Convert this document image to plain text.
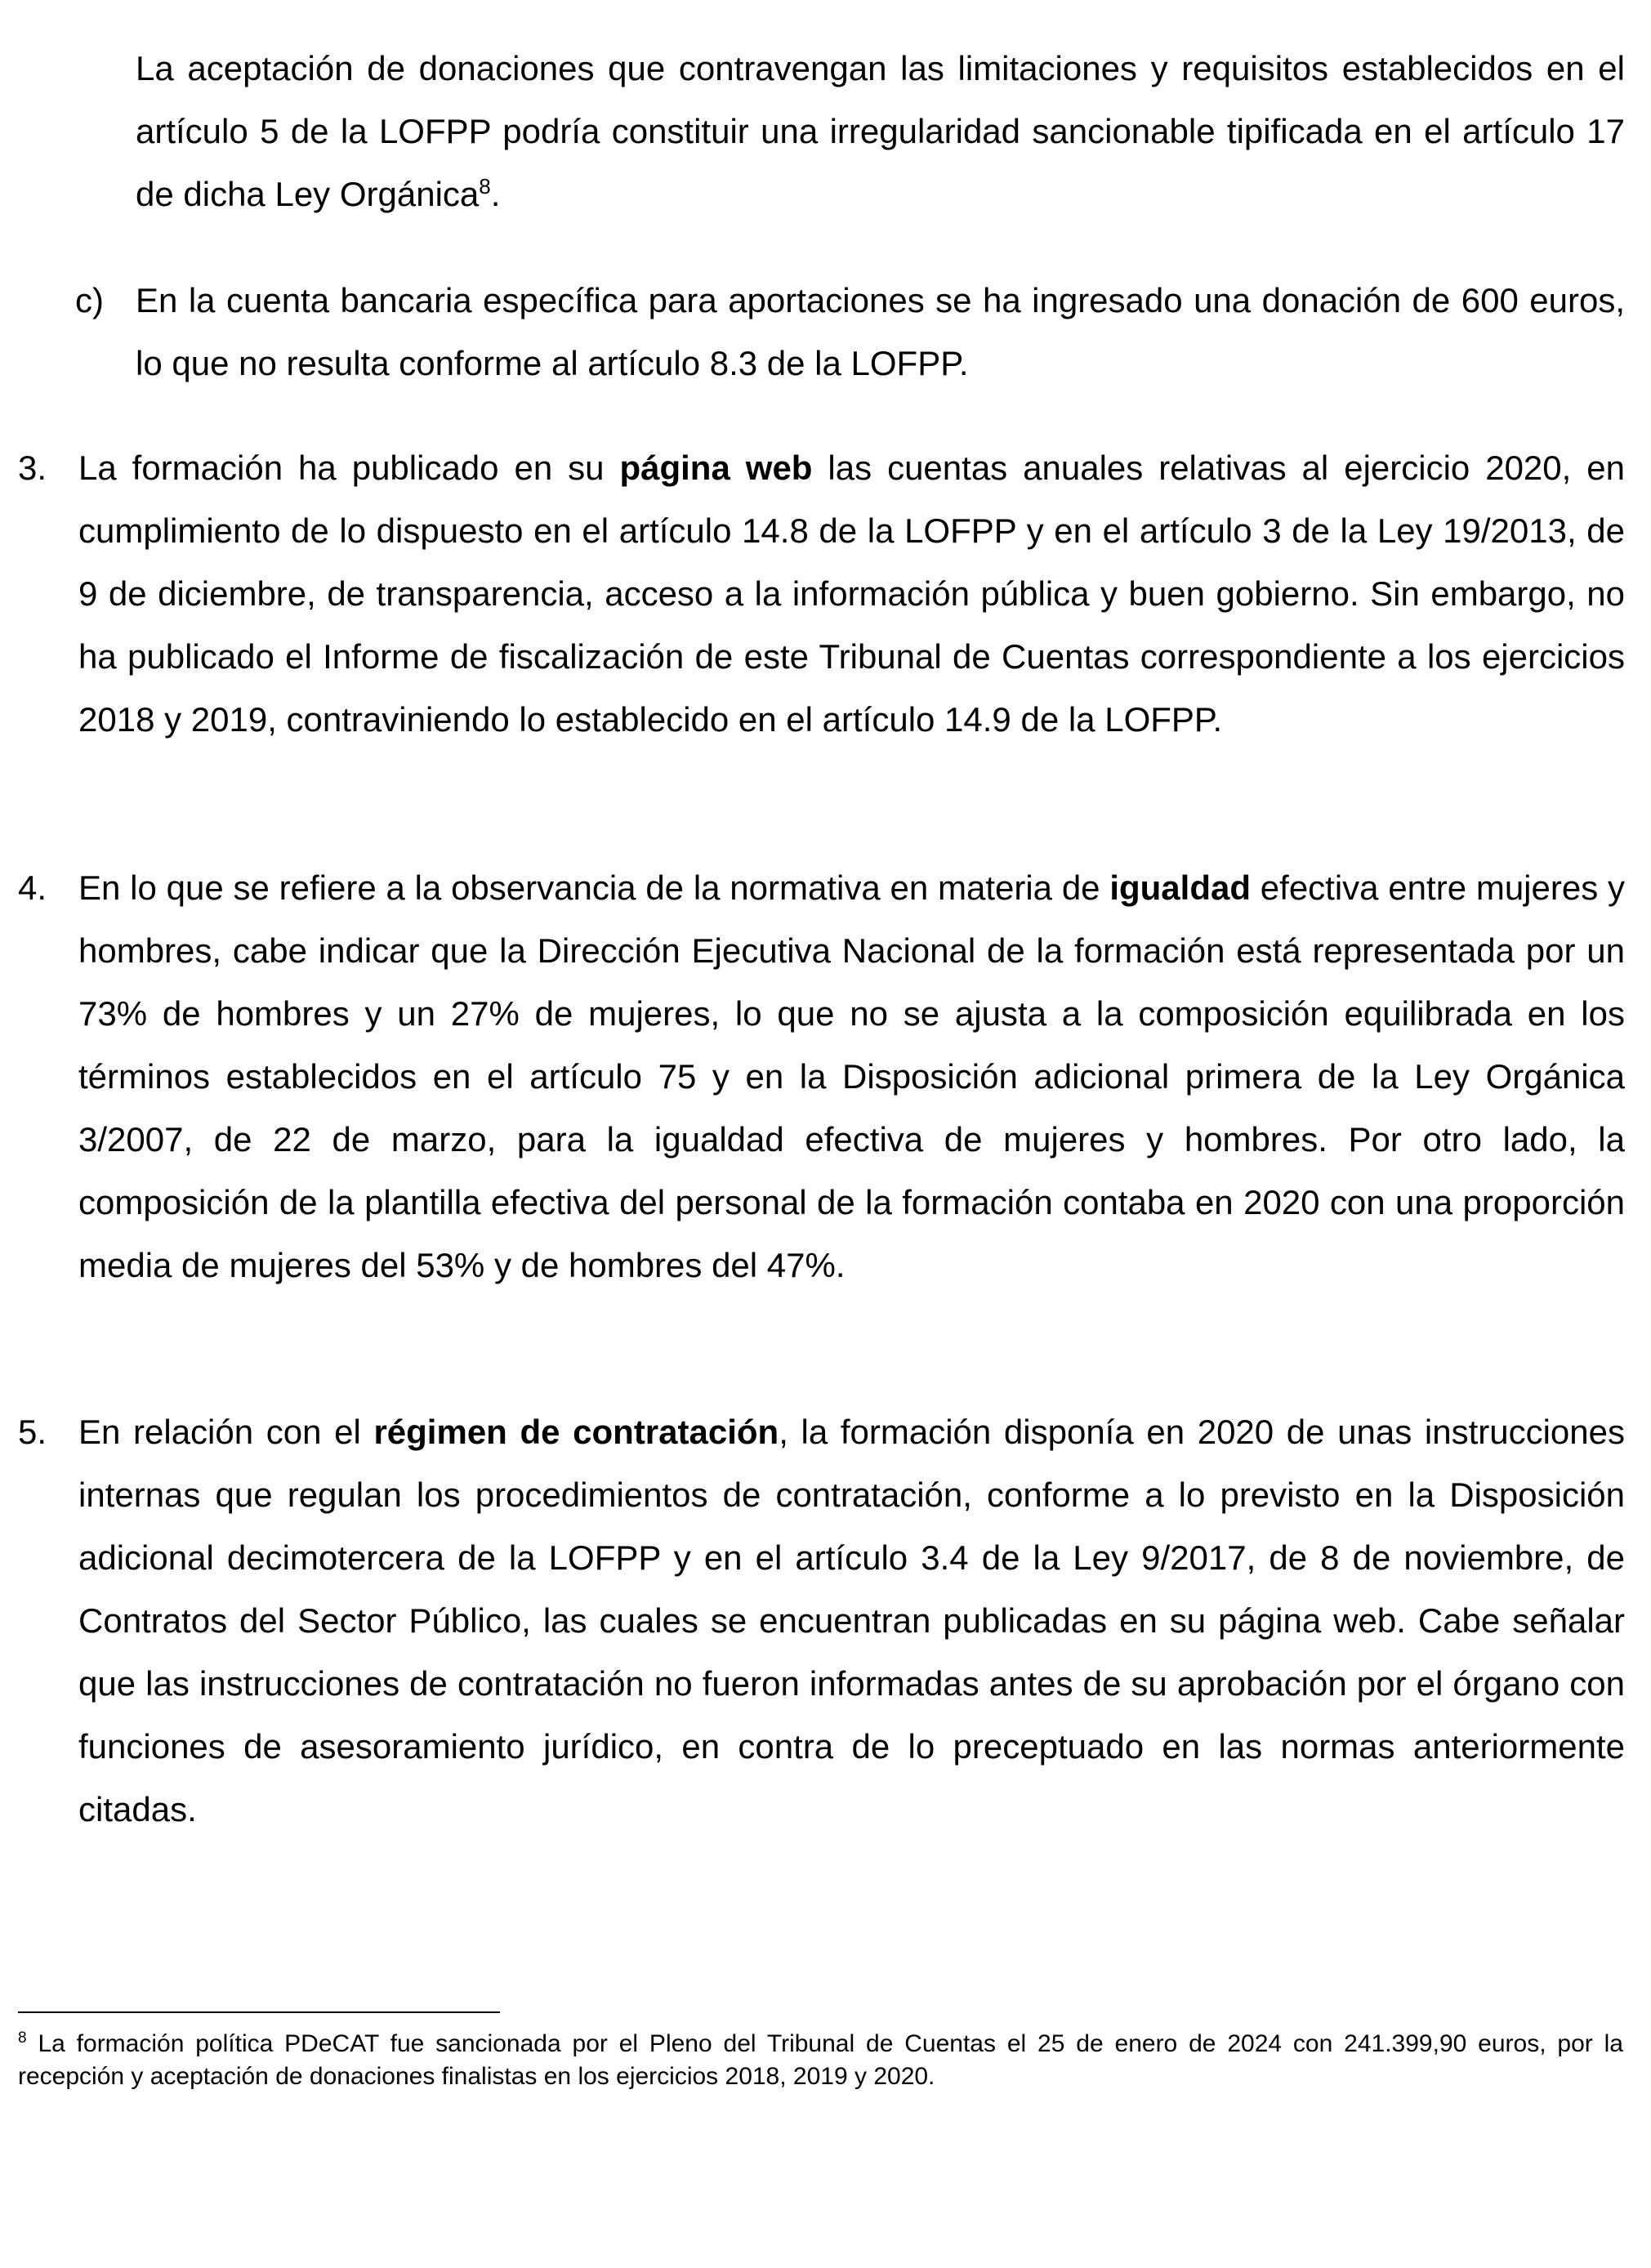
La aceptación de donaciones que contravengan las limitaciones y requisitos establecidos en el artículo 5 de la LOFPP podría constituir una irregularidad sancionable tipificada en el artículo 17 de dicha Ley Orgánica$^8$.
c) En la cuenta bancaria específica para aportaciones se ha ingresado una donación de 600 euros, lo que no resulta conforme al artículo 8.3 de la LOFPP.
3. La formación ha publicado en su página web las cuentas anuales relativas al ejercicio 2020, en cumplimiento de lo dispuesto en el artículo 14.8 de la LOFPP y en el artículo 3 de la Ley 19/2013, de 9 de diciembre, de transparencia, acceso a la información pública y buen gobierno. Sin embargo, no ha publicado el Informe de fiscalización de este Tribunal de Cuentas correspondiente a los ejercicios 2018 y 2019, contraviniendo lo establecido en el artículo 14.9 de la LOFPP.
4. En lo que se refiere a la observancia de la normativa en materia de igualdad efectiva entre mujeres y hombres, cabe indicar que la Dirección Ejecutiva Nacional de la formación está representada por un 73% de hombres y un 27% de mujeres, lo que no se ajusta a la composición equilibrada en los términos establecidos en el artículo 75 y en la Disposición adicional primera de la Ley Orgánica 3/2007, de 22 de marzo, para la igualdad efectiva de mujeres y hombres. Por otro lado, la composición de la plantilla efectiva del personal de la formación contaba en 2020 con una proporción media de mujeres del 53% y de hombres del 47%.
5. En relación con el régimen de contratación, la formación disponía en 2020 de unas instrucciones internas que regulan los procedimientos de contratación, conforme a lo previsto en la Disposición adicional decimotercera de la LOFPP y en el artículo 3.4 de la Ley 9/2017, de 8 de noviembre, de Contratos del Sector Público, las cuales se encuentran publicadas en su página web. Cabe señalar que las instrucciones de contratación no fueron informadas antes de su aprobación por el órgano con funciones de asesoramiento jurídico, en contra de lo preceptuado en las normas anteriormente citadas.
$^8$ La formación política PDeCAT fue sancionada por el Pleno del Tribunal de Cuentas el 25 de enero de 2024 con 241.399,90 euros, por la recepción y aceptación de donaciones finalistas en los ejercicios 2018, 2019 y 2020.
